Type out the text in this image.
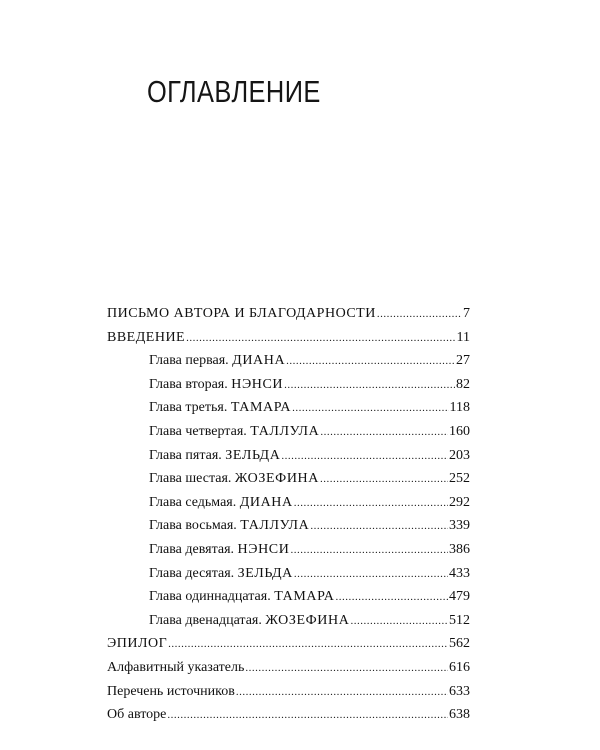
ОГЛАВЛЕНИЕ
ПИСЬМО АВТОРА И БЛАГОДАРНОСТИ .....	7
ВВЕДЕНИЕ .....	11
Глава первая. ДИАНА .....	27
Глава вторая. НЭНСИ .....	82
Глава третья. ТАМАРА .....	118
Глава четвертая. ТАЛЛУЛА .....	160
Глава пятая. ЗЕЛЬДА .....	203
Глава шестая. ЖОЗЕФИНА .....	252
Глава седьмая. ДИАНА .....	292
Глава восьмая. ТАЛЛУЛА .....	339
Глава девятая. НЭНСИ .....	386
Глава десятая. ЗЕЛЬДА .....	433
Глава одиннадцатая. ТАМАРА .....	479
Глава двенадцатая. ЖОЗЕФИНА .....	512
ЭПИЛОГ .....	562
Алфавитный указатель .....	616
Перечень источников .....	633
Об авторе .....	638
